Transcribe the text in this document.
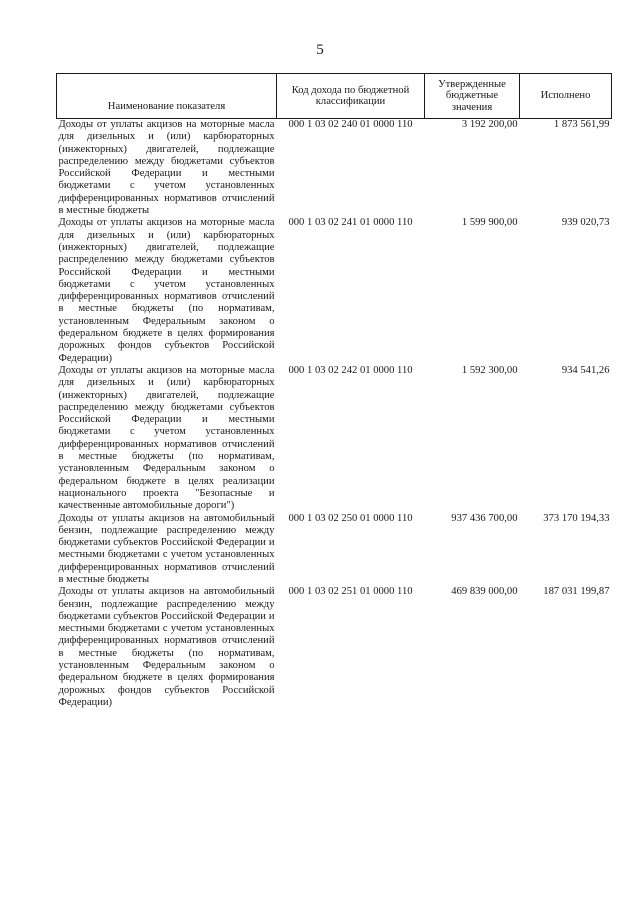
5
Наименование показателя	Код дохода по бюджетной классификации	Утвержденные бюджетные значения	Исполнено
Доходы от уплаты акцизов на моторные масла для дизельных и (или) карбюраторных (инжекторных) двигателей, подлежащие распределению между бюджетами субъектов Российской Федерации и местными бюджетами с учетом установленных дифференцированных нормативов отчислений в местные бюджеты	000 1 03 02 240 01 0000 110	3 192 200,00	1 873 561,99
Доходы от уплаты акцизов на моторные масла для дизельных и (или) карбюраторных (инжекторных) двигателей, подлежащие распределению между бюджетами субъектов Российской Федерации и местными бюджетами с учетом установленных дифференцированных нормативов отчислений в местные бюджеты (по нормативам, установленным Федеральным законом о федеральном бюджете в целях формирования дорожных фондов субъектов Российской Федерации)	000 1 03 02 241 01 0000 110	1 599 900,00	939 020,73
Доходы от уплаты акцизов на моторные масла для дизельных и (или) карбюраторных (инжекторных) двигателей, подлежащие распределению между бюджетами субъектов Российской Федерации и местными бюджетами с учетом установленных дифференцированных нормативов отчислений в местные бюджеты (по нормативам, установленным Федеральным законом о федеральном бюджете в целях реализации национального проекта "Безопасные и качественные автомобильные дороги")	000 1 03 02 242 01 0000 110	1 592 300,00	934 541,26
Доходы от уплаты акцизов на автомобильный бензин, подлежащие распределению между бюджетами субъектов Российской Федерации и местными бюджетами с учетом установленных дифференцированных нормативов отчислений в местные бюджеты	000 1 03 02 250 01 0000 110	937 436 700,00	373 170 194,33
Доходы от уплаты акцизов на автомобильный бензин, подлежащие распределению между бюджетами субъектов Российской Федерации и местными бюджетами с учетом установленных дифференцированных нормативов отчислений в местные бюджеты (по нормативам, установленным Федеральным законом о федеральном бюджете в целях формирования дорожных фондов субъектов Российской Федерации)	000 1 03 02 251 01 0000 110	469 839 000,00	187 031 199,87
